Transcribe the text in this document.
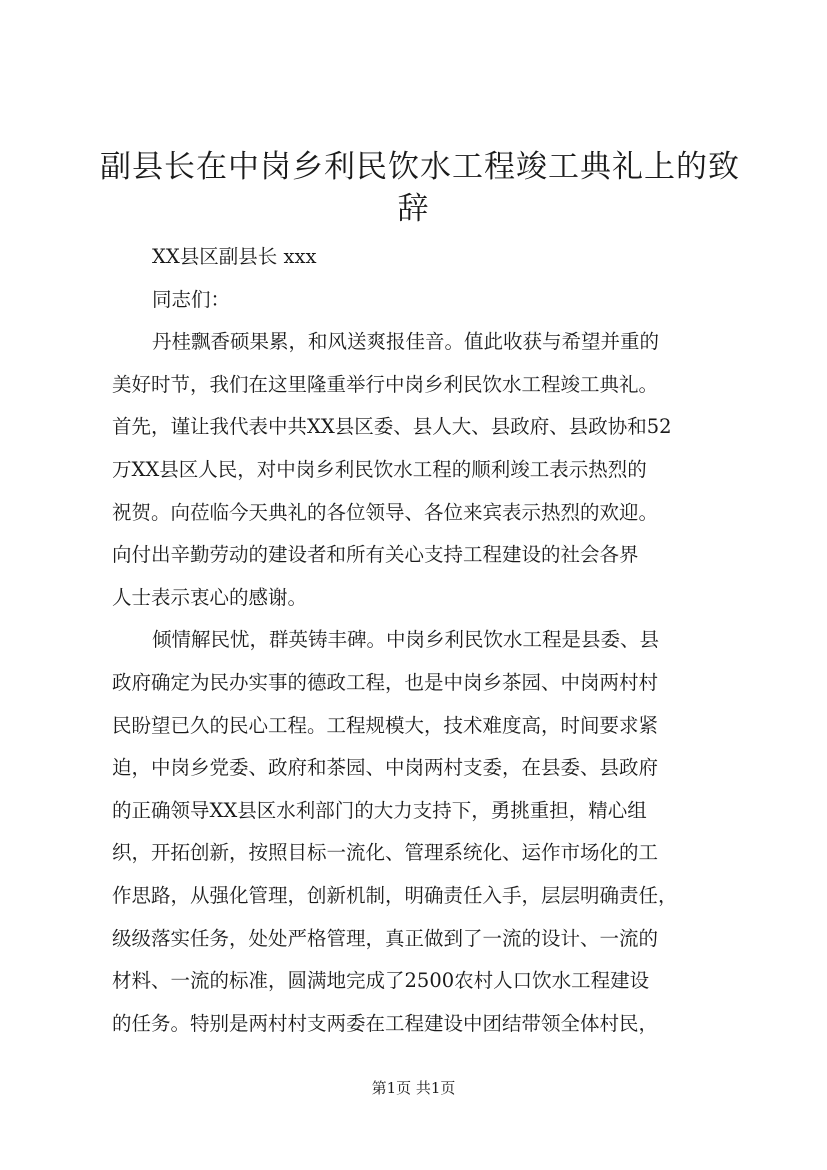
副县长在中岗乡利民饮水工程竣工典礼上的致
辞
XX县区副县长 xxx
同志们：
丹桂飘香硕果累，和风送爽报佳音。值此收获与希望并重的
美好时节，我们在这里隆重举行中岗乡利民饮水工程竣工典礼。
首先，谨让我代表中共XX县区委、县人大、县政府、县政协和52
万XX县区人民，对中岗乡利民饮水工程的顺利竣工表示热烈的
祝贺。向莅临今天典礼的各位领导、各位来宾表示热烈的欢迎。
向付出辛勤劳动的建设者和所有关心支持工程建设的社会各界
人士表示衷心的感谢。
倾情解民忧，群英铸丰碑。中岗乡利民饮水工程是县委、县
政府确定为民办实事的德政工程，也是中岗乡茶园、中岗两村村
民盼望已久的民心工程。工程规模大，技术难度高，时间要求紧
迫，中岗乡党委、政府和茶园、中岗两村支委，在县委、县政府
的正确领导XX县区水利部门的大力支持下，勇挑重担，精心组
织，开拓创新，按照目标一流化、管理系统化、运作市场化的工
作思路，从强化管理，创新机制，明确责任入手，层层明确责任，
级级落实任务，处处严格管理，真正做到了一流的设计、一流的
材料、一流的标准，圆满地完成了2500农村人口饮水工程建设
的任务。特别是两村村支两委在工程建设中团结带领全体村民，
第1页 共1页
